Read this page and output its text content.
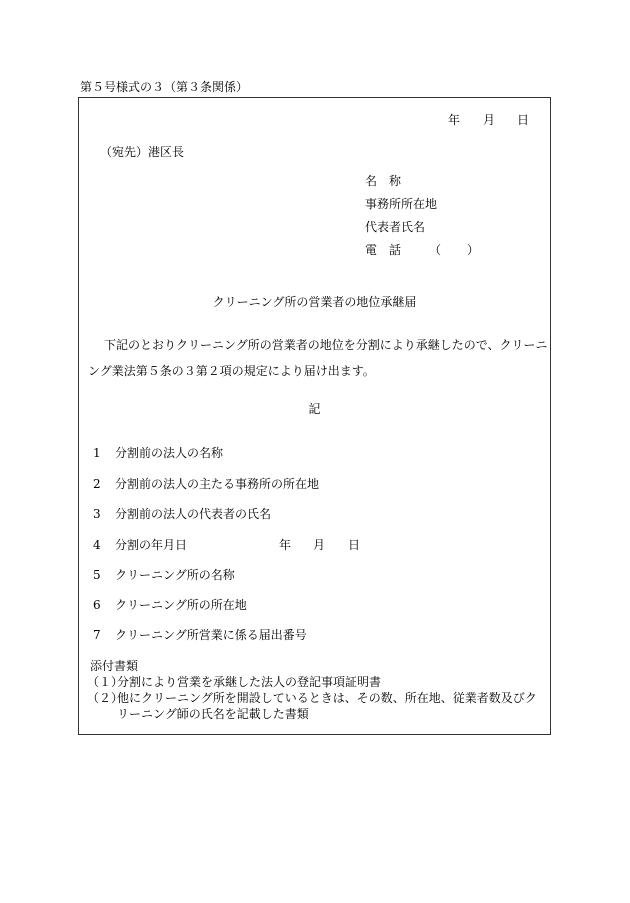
第５号様式の３（第３条関係）
年 月 日
（宛先）港区長
名　称
事務所所在地
代表者氏名
電　話 （ ）
クリーニング所の営業者の地位承継届
下記のとおりクリーニング所の営業者の地位を分割により承継したので、クリーニ
ング業法第５条の３第２項の規定により届け出ます。
記
1 分割前の法人の名称
2 分割前の法人の主たる事務所の所在地
3 分割前の法人の代表者の氏名
4 分割の年月日	年 月 日
5 クリーニング所の名称
6 クリーニング所の所在地
7 クリーニング所営業に係る届出番号
添付書類
（１）
分割により営業を承継した法人の登記事項証明書
（２）
他にクリーニング所を開設しているときは、その数、所在地、従業者数及びク
リーニング師の氏名を記載した書類
